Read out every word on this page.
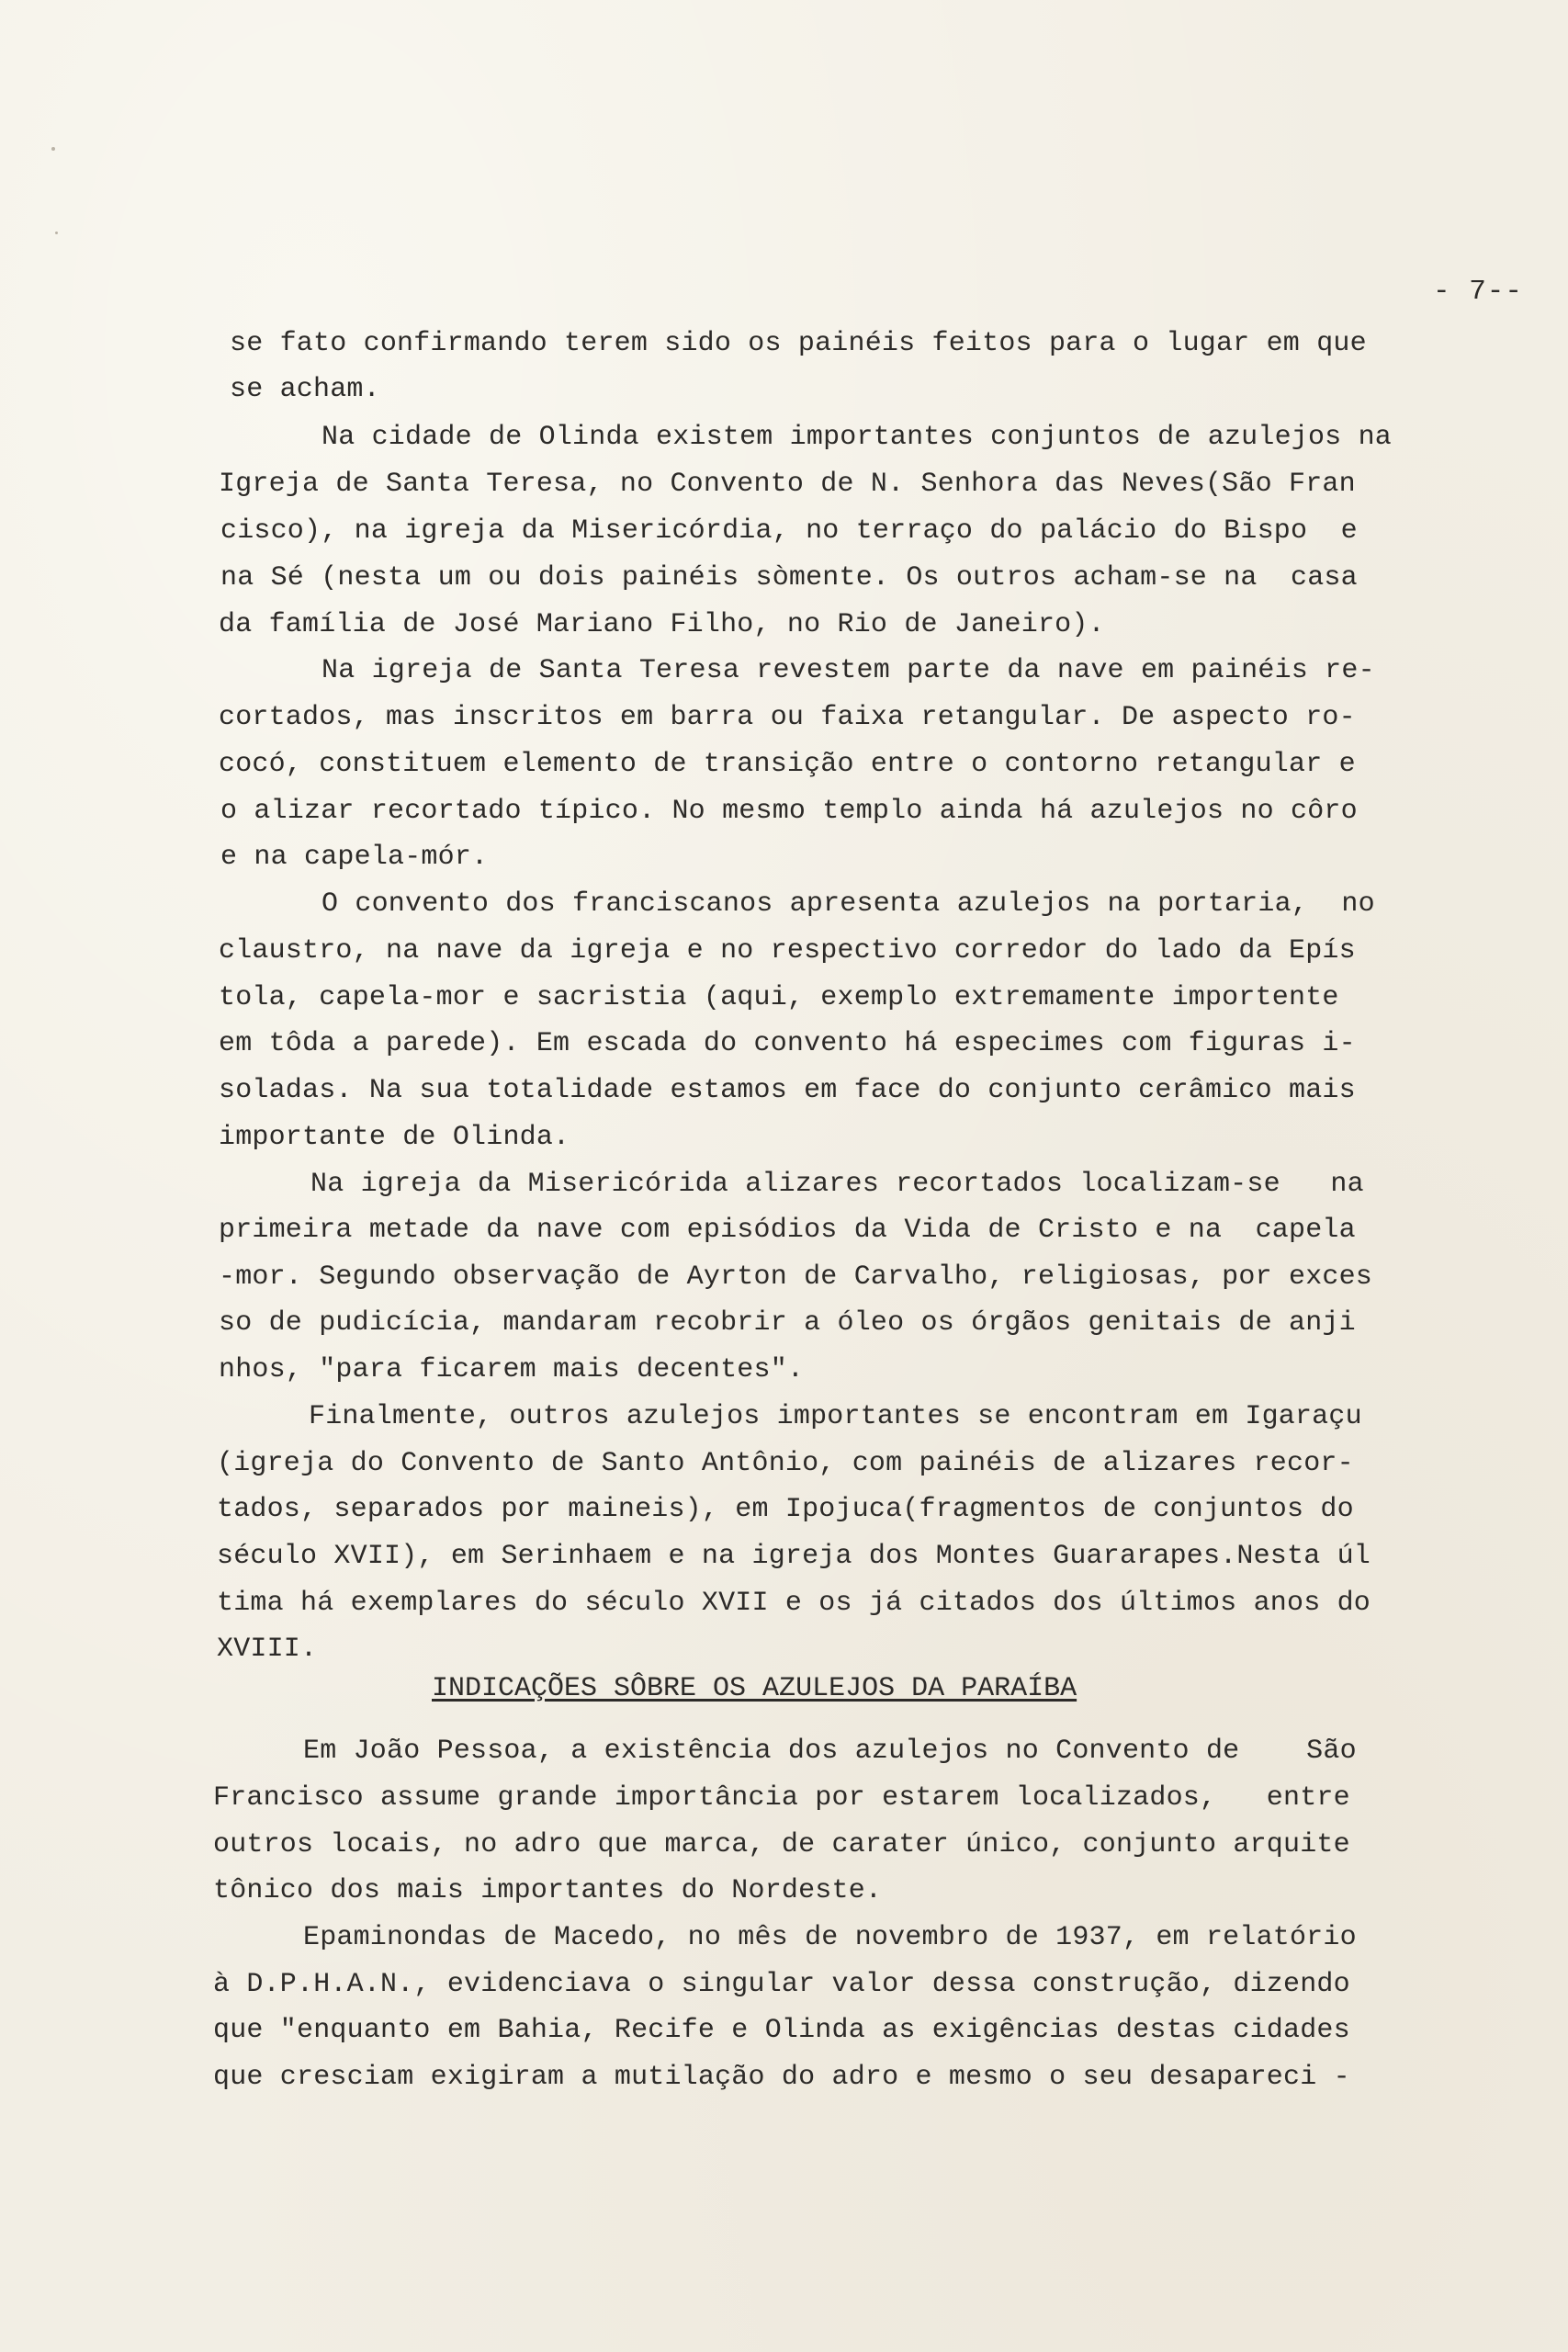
- 7--
se fato confirmando terem sido os painéis feitos para o lugar em que
se acham.
Na cidade de Olinda existem importantes conjuntos de azulejos na
Igreja de Santa Teresa, no Convento de N. Senhora das Neves(São Fran
cisco), na igreja da Misericórdia, no terraço do palácio do Bispo  e
na Sé (nesta um ou dois painéis sòmente. Os outros acham-se na  casa
da família de José Mariano Filho, no Rio de Janeiro).
Na igreja de Santa Teresa revestem parte da nave em painéis re-
cortados, mas inscritos em barra ou faixa retangular. De aspecto ro-
cocó, constituem elemento de transição entre o contorno retangular e
o alizar recortado típico. No mesmo templo ainda há azulejos no côro
e na capela-mór.
O convento dos franciscanos apresenta azulejos na portaria,  no
claustro, na nave da igreja e no respectivo corredor do lado da Epís
tola, capela-mor e sacristia (aqui, exemplo extremamente importente
em tôda a parede). Em escada do convento há especimes com figuras i-
soladas. Na sua totalidade estamos em face do conjunto cerâmico mais
importante de Olinda.
Na igreja da Misericórida alizares recortados localizam-se   na
primeira metade da nave com episódios da Vida de Cristo e na  capela
-mor. Segundo observação de Ayrton de Carvalho, religiosas, por exces
so de pudicícia, mandaram recobrir a óleo os órgãos genitais de anji
nhos, "para ficarem mais decentes".
Finalmente, outros azulejos importantes se encontram em Igaraçu
(igreja do Convento de Santo Antônio, com painéis de alizares recor-
tados, separados por maineis), em Ipojuca(fragmentos de conjuntos do
século XVII), em Serinhaem e na igreja dos Montes Guararapes.Nesta úl
tima há exemplares do século XVII e os já citados dos últimos anos do
XVIII.
INDICAÇÕES SÔBRE OS AZULEJOS DA PARAÍBA
Em João Pessoa, a existência dos azulejos no Convento de    São
Francisco assume grande importância por estarem localizados,   entre
outros locais, no adro que marca, de carater único, conjunto arquite
tônico dos mais importantes do Nordeste.
Epaminondas de Macedo, no mês de novembro de 1937, em relatório
à D.P.H.A.N., evidenciava o singular valor dessa construção, dizendo
que "enquanto em Bahia, Recife e Olinda as exigências destas cidades
que cresciam exigiram a mutilação do adro e mesmo o seu desapareci -
